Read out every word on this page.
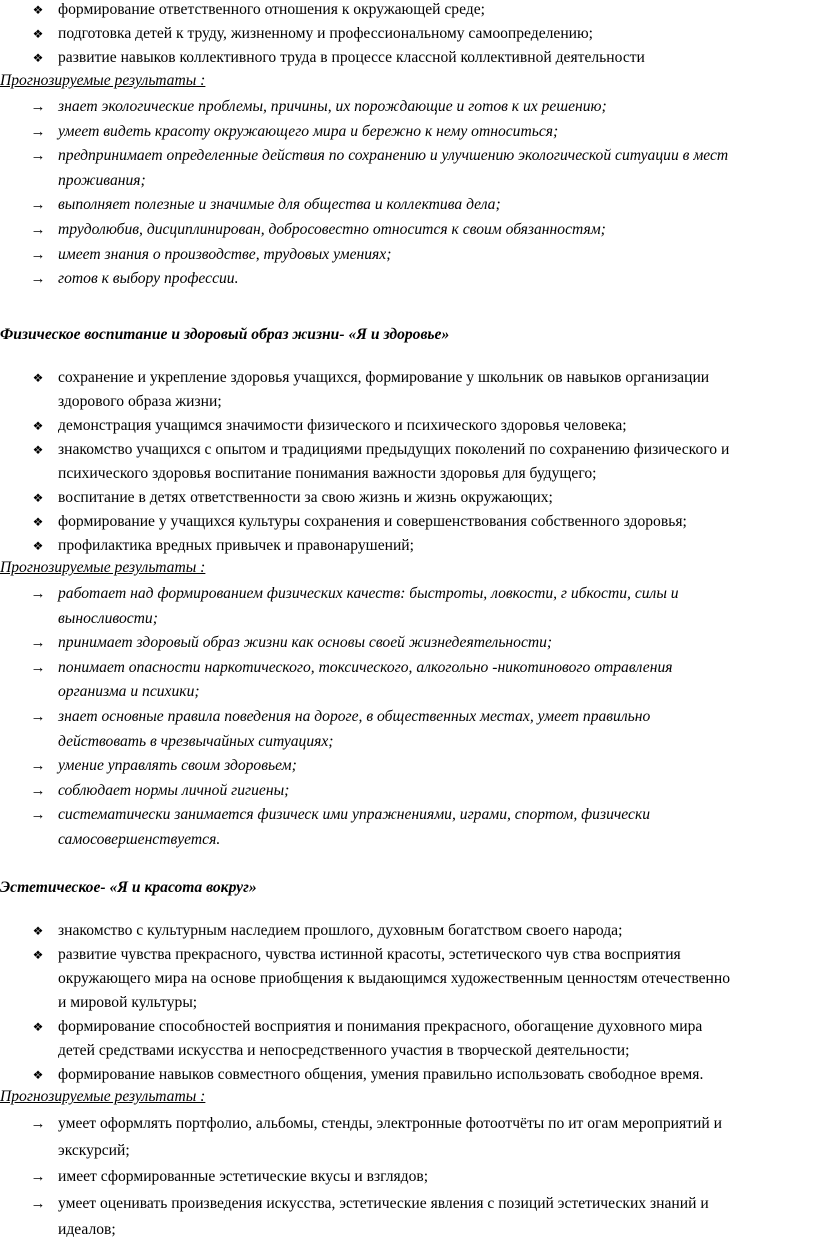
❖ формирование ответственного отношения к окружающей среде;
❖ подготовка детей к труду, жизненному и профессиональному самоопределению;
❖ развитие навыков коллективного труда в процессе классной коллективной деятельности
Прогнозируемые результаты :
→ знает экологические проблемы, причины, их порождающие и готов к их решению;
→ умеет видеть красоту окружающего мира и бережно к нему относиться;
→ предпринимает определенные действия по сохранению и улучшению экологической ситуации в мест
проживания;
→ выполняет полезные и значимые для общества и коллектива дела;
→ трудолюбив, дисциплинирован, добросовестно относится к своим обязанностям;
→ имеет знания о производстве, трудовых умениях;
→ готов к выбору профессии.
Физическое воспитание и здоровый образ жизни- «Я и здоровье»
❖ сохранение и укрепление здоровья учащихся, формирование у школьник ов навыков организации
здорового образа жизни;
❖ демонстрация учащимся значимости физического и психического здоровья человека;
❖ знакомство учащихся с опытом и традициями предыдущих поколений по сохранению физического и
психического здоровья воспитание понимания важности здоровья для будущего;
❖ воспитание в детях ответственности за свою жизнь и жизнь окружающих;
❖ формирование у учащихся культуры сохранения и совершенствования собственного здоровья;
❖ профилактика вредных привычек и правонарушений;
Прогнозируемые результаты :
→ работает над формированием физических качеств: быстроты, ловкости, г ибкости, силы и
выносливости;
→ принимает здоровый образ жизни как основы своей жизнедеятельности;
→ понимает опасности наркотического, токсического, алкогольно -никотинового отравления
организма и психики;
→ знает основные правила поведения на дороге, в общественных местах, умеет правильно
действовать в чрезвычайных ситуациях;
→ умение управлять своим здоровьем;
→ соблюдает нормы личной гигиены;
→ систематически занимается физическ ими упражнениями, играми, спортом, физически
самосовершенствуется.
Эстетическое- «Я и красота вокруг»
❖ знакомство с культурным наследием прошлого, духовным богатством своего народа;
❖ развитие чувства прекрасного, чувства истинной красоты, эстетического чув ства восприятия
окружающего мира на основе приобщения к выдающимся художественным ценностям отечественно
и мировой культуры;
❖ формирование способностей восприятия и понимания прекрасного, обогащение духовного мира
детей средствами искусства и непосредственного участия в творческой деятельности;
❖ формирование навыков совместного общения, умения правильно использовать свободное время.
Прогнозируемые результаты :
→ умеет оформлять портфолио, альбомы, стенды, электронные фотоотчёты по ит огам мероприятий и
экскурсий;
→ имеет сформированные эстетические вкусы и взглядов;
→ умеет оценивать произведения искусства, эстетические явления с позиций эстетических знаний и
идеалов;
